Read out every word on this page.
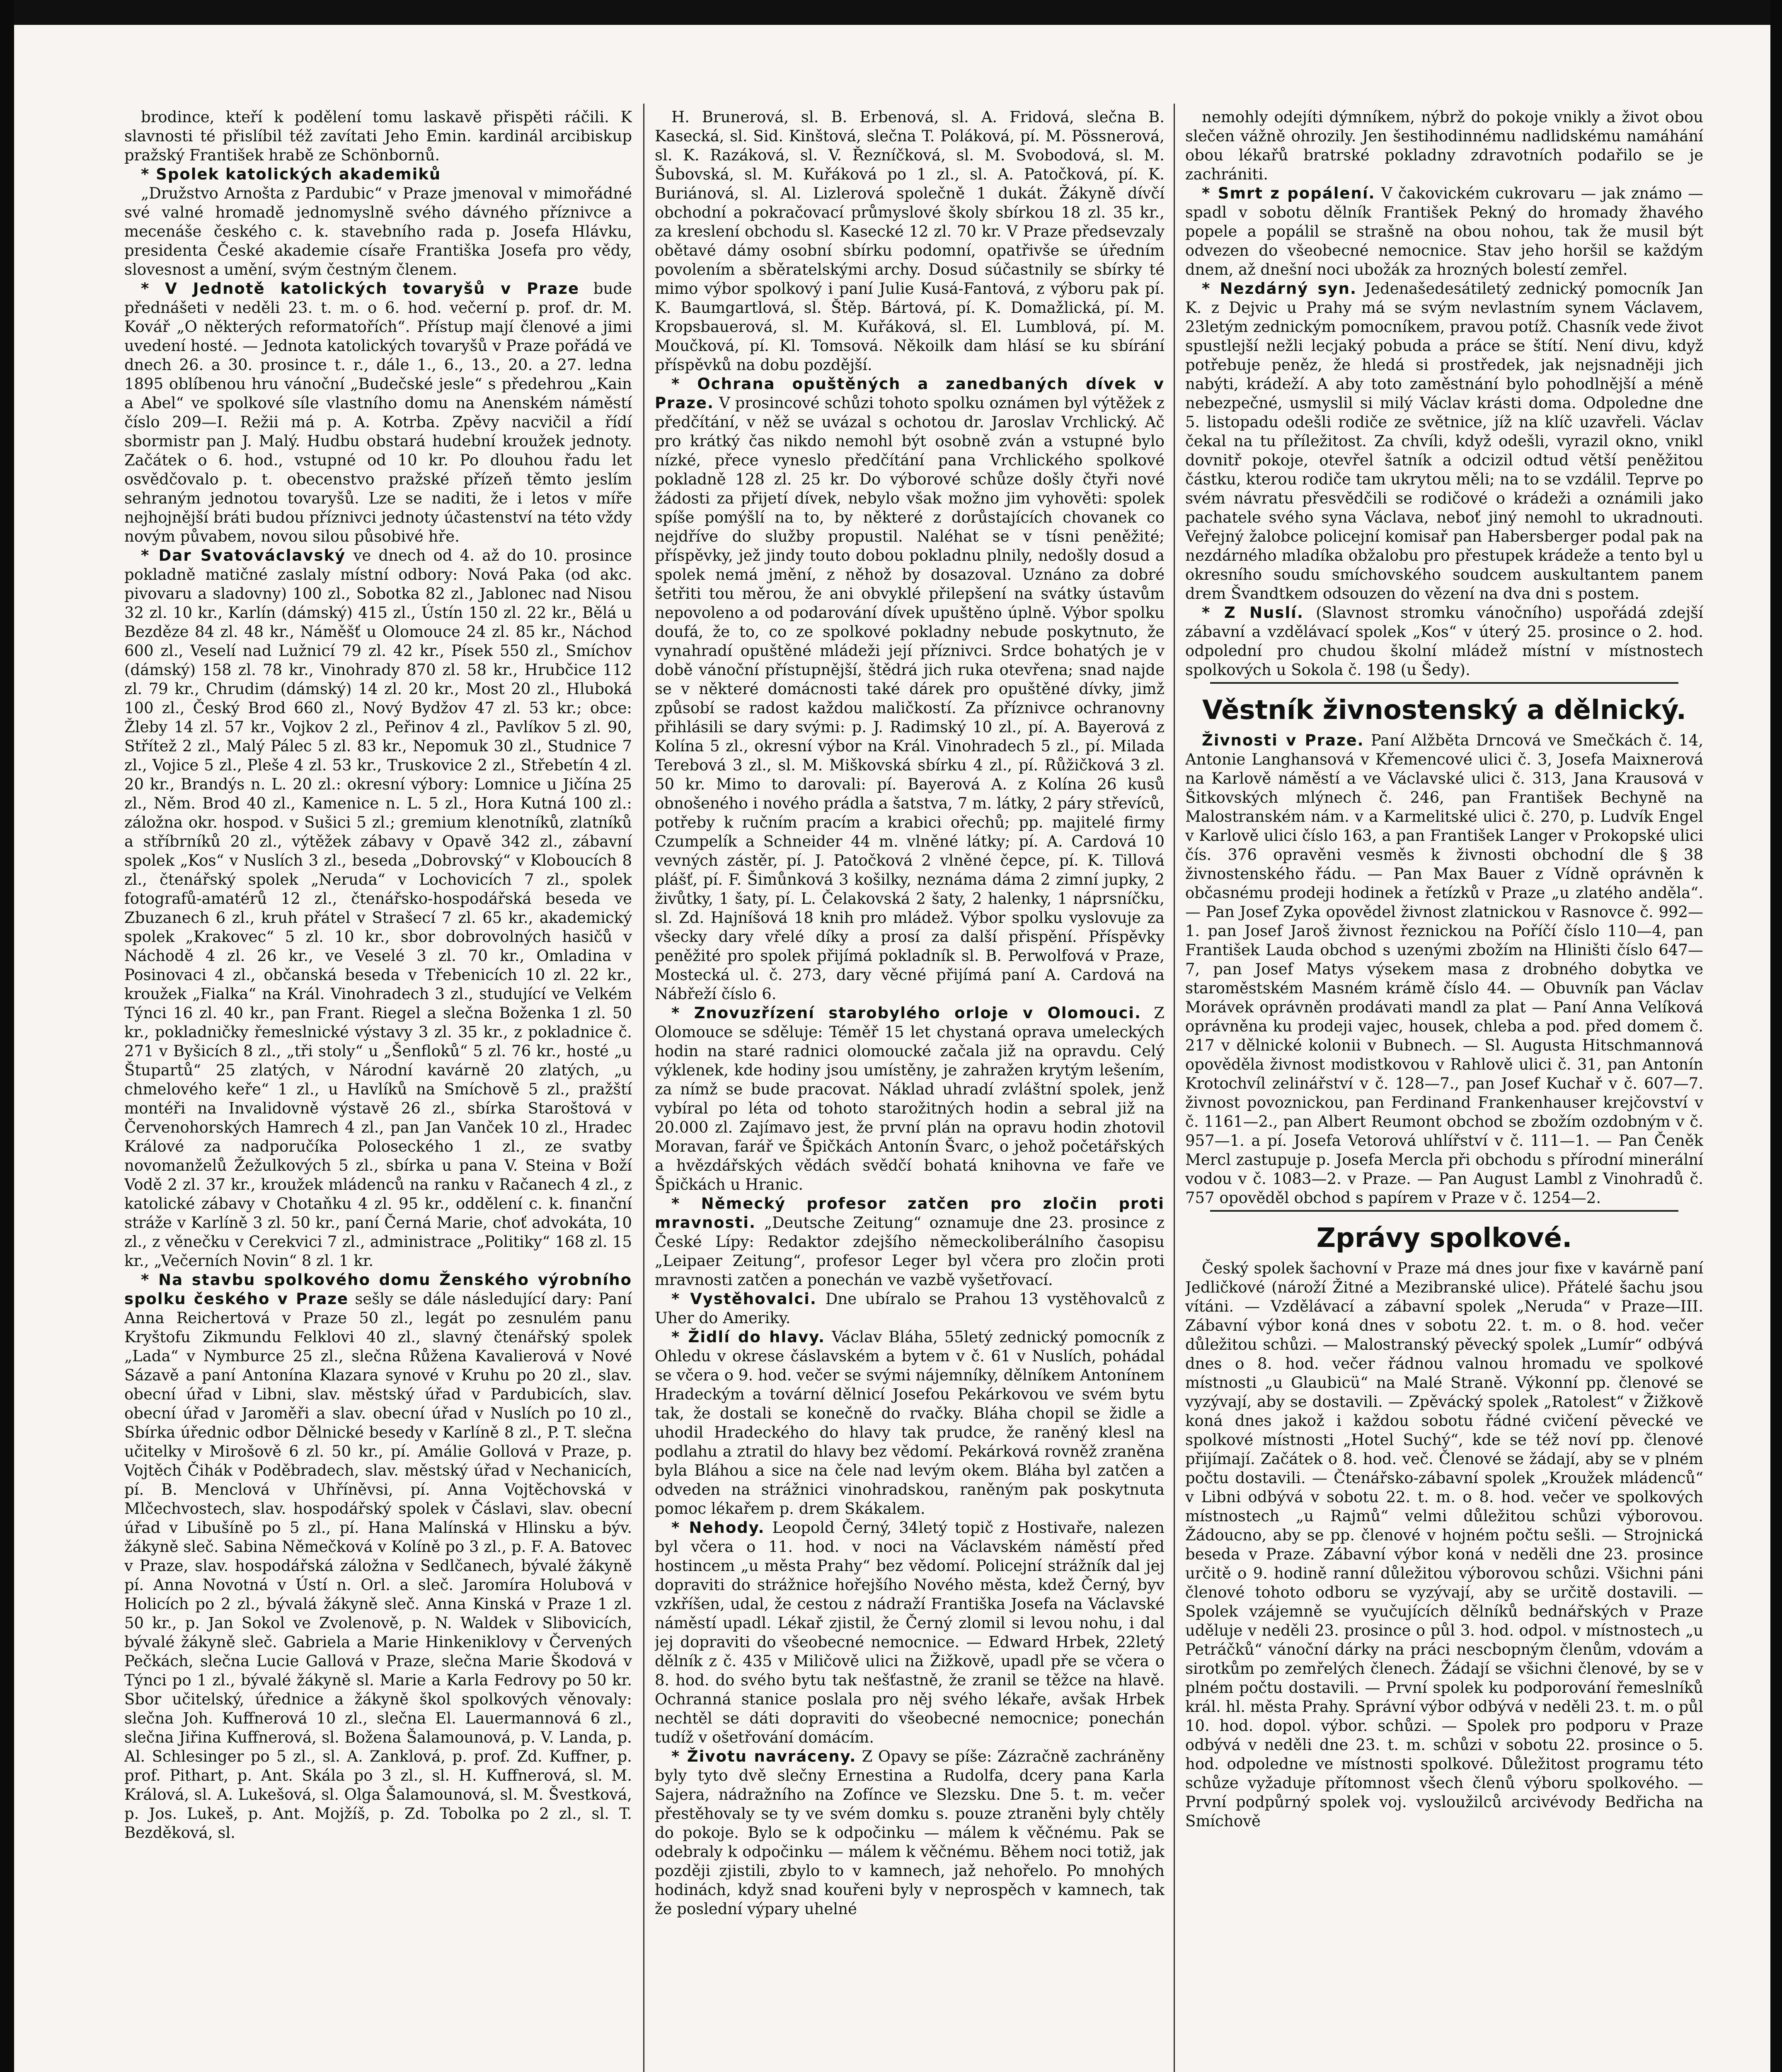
brodince, kteří k podělení tomu laskavě přispěti ráčili. K slavnosti té přislíbil též zavítati Jeho Emin. kardinál arcibiskup pražský František hrabě ze Schönbornů.

* Spolek katolických akademiků

„Družstvo Arnošta z Pardubic“ v Praze jmenoval v mimořádné své valné hromadě jednomyslně svého dávného příznivce a mecenáše českého c. k. stavebního rada p. Josefa Hlávku, presidenta České akademie císaře Františka Josefa pro vědy, slovesnost a umění, svým čestným členem.

* V Jednotě katolických tovaryšů v Praze bude přednášeti v neděli 23. t. m. o 6. hod. večerní p. prof. dr. M. Kovář „O některých reformatořích“. Přístup mají členové a jimi uvedení hosté. — Jednota katolických tovaryšů v Praze pořádá ve dnech 26. a 30. prosince t. r., dále 1., 6., 13., 20. a 27. ledna 1895 oblíbenou hru vánoční „Budečské jesle“ s předehrou „Kain a Abel“ ve spolkové síle vlastního domu na Anenském náměstí číslo 209—I. Režii má p. A. Kotrba. Zpěvy nacvičil a řídí sbormistr pan J. Malý. Hudbu obstará hudební kroužek jednoty. Začátek o 6. hod., vstupné od 10 kr. Po dlouhou řadu let osvědčovalo p. t. obecenstvo pražské přízeň těmto jeslím sehraným jednotou tovaryšů. Lze se naditi, že i letos v míře nejhojnější bráti budou příznivci jednoty účastenství na této vždy novým půvabem, novou silou působivé hře.

* Dar Svatováclavský ve dnech od 4. až do 10. prosince pokladně matičné zaslaly místní odbory: Nová Paka (od akc. pivovaru a sladovny) 100 zl., Sobotka 82 zl., Jablonec nad Nisou 32 zl. 10 kr., Karlín (dámský) 415 zl., Ústín 150 zl. 22 kr., Bělá u Bezděze 84 zl. 48 kr., Náměšť u Olomouce 24 zl. 85 kr., Náchod 600 zl., Veselí nad Lužnicí 79 zl. 42 kr., Písek 550 zl., Smíchov (dámský) 158 zl. 78 kr., Vinohrady 870 zl. 58 kr., Hrubčice 112 zl. 79 kr., Chrudim (dámský) 14 zl. 20 kr., Most 20 zl., Hluboká 100 zl., Český Brod 660 zl., Nový Bydžov 47 zl. 53 kr.; obce: Žleby 14 zl. 57 kr., Vojkov 2 zl., Peřinov 4 zl., Pavlíkov 5 zl. 90, Střítež 2 zl., Malý Pálec 5 zl. 83 kr., Nepomuk 30 zl., Studnice 7 zl., Vojice 5 zl., Pleše 4 zl. 53 kr., Truskovice 2 zl., Střebetín 4 zl. 20 kr., Brandýs n. L. 20 zl.: okresní výbory: Lomnice u Jičína 25 zl., Něm. Brod 40 zl., Kamenice n. L. 5 zl., Hora Kutná 100 zl.: záložna okr. hospod. v Sušici 5 zl.; gremium klenotníků, zlatníků a stříbrníků 20 zl., výtěžek zábavy v Opavě 342 zl., zábavní spolek „Kos“ v Nuslích 3 zl., beseda „Dobrovský“ v Kloboucích 8 zl., čtenářský spolek „Neruda“ v Lochovicích 7 zl., spolek fotografů-amatérů 12 zl., čtenářsko-hospodářská beseda ve Zbuzanech 6 zl., kruh přátel v Strašecí 7 zl. 65 kr., akademický spolek „Krakovec“ 5 zl. 10 kr., sbor dobrovolných hasičů v Náchodě 4 zl. 26 kr., ve Veselé 3 zl. 70 kr., Omladina v Posinovaci 4 zl., občanská beseda v Třebenicích 10 zl. 22 kr., kroužek „Fialka“ na Král. Vinohradech 3 zl., studující ve Velkém Týnci 16 zl. 40 kr., pan Frant. Riegel a slečna Boženka 1 zl. 50 kr., pokladničky řemeslnické výstavy 3 zl. 35 kr., z pokladnice č. 271 v Byšicích 8 zl., „tři stoly“ u „Šenfloků“ 5 zl. 76 kr., hosté „u Štupartů“ 25 zlatých, v Národní kavárně 20 zlatých, „u chmelového keře“ 1 zl., u Havlíků na Smíchově 5 zl., pražští montéři na Invalidovně výstavě 26 zl., sbírka Staroštová v Červenohorských Hamrech 4 zl., pan Jan Vanček 10 zl., Hradec Králové za nadporučíka Poloseckého 1 zl., ze svatby novomanželů Žežulkových 5 zl., sbírka u pana V. Steina v Boží Vodě 2 zl. 37 kr., kroužek mládenců na ranku v Račanech 4 zl., z katolické zábavy v Chotaňku 4 zl. 95 kr., oddělení c. k. finanční stráže v Karlíně 3 zl. 50 kr., paní Černá Marie, choť advokáta, 10 zl., z věnečku v Cerekvici 7 zl., administrace „Politiky“ 168 zl. 15 kr., „Večerních Novin“ 8 zl. 1 kr.

* Na stavbu spolkového domu Ženského výrobního spolku českého v Praze sešly se dále následující dary: Paní Anna Reichertová v Praze 50 zl., legát po zesnulém panu Kryštofu Zikmundu Felklovi 40 zl., slavný čtenářský spolek „Lada“ v Nymburce 25 zl., slečna Růžena Kavalierová v Nové Sázavě a paní Antonína Klazara synové v Kruhu po 20 zl., slav. obecní úřad v Libni, slav. městský úřad v Pardubicích, slav. obecní úřad v Jaroměři a slav. obecní úřad v Nuslích po 10 zl., Sbírka úřednic odbor Dělnické besedy v Karlíně 8 zl., P. T. slečna učitelky v Mirošově 6 zl. 50 kr., pí. Amálie Gollová v Praze, p. Vojtěch Čihák v Poděbradech, slav. městský úřad v Nechanicích, pí. B. Menclová v Uhříněvsi, pí. Anna Vojtěchovská v Mlčechvostech, slav. hospodářský spolek v Čáslavi, slav. obecní úřad v Libušíně po 5 zl., pí. Hana Malínská v Hlinsku a býv. žákyně sleč. Sabina Němečková v Kolíně po 3 zl., p. F. A. Batovec v Praze, slav. hospodářská záložna v Sedlčanech, bývalé žákyně pí. Anna Novotná v Ústí n. Orl. a sleč. Jaromíra Holubová v Holicích po 2 zl., bývalá žákyně sleč. Anna Kinská v Praze 1 zl. 50 kr., p. Jan Sokol ve Zvolenově, p. N. Waldek v Slibovicích, bývalé žákyně sleč. Gabriela a Marie Hinkeniklovy v Červených Pečkách, slečna Lucie Gallová v Praze, slečna Marie Škodová v Týnci po 1 zl., bývalé žákyně sl. Marie a Karla Fedrovy po 50 kr. Sbor učitelský, úřednice a žákyně škol spolkových věnovaly: slečna Joh. Kuffnerová 10 zl., slečna El. Lauermannová 6 zl., slečna Jiřina Kuffnerová, sl. Božena Šalamounová, p. V. Landa, p. Al. Schlesinger po 5 zl., sl. A. Zanklová, p. prof. Zd. Kuffner, p. prof. Pithart, p. Ant. Skála po 3 zl., sl. H. Kuffnerová, sl. M. Králová, sl. A. Lukešová, sl. Olga Šalamounová, sl. M. Švestková, p. Jos. Lukeš, p. Ant. Mojžíš, p. Zd. Tobolka po 2 zl., sl. T. Bezděková, sl.

H. Brunerová, sl. B. Erbenová, sl. A. Fridová, slečna B. Kasecká, sl. Sid. Kinštová, slečna T. Poláková, pí. M. Pössnerová, sl. K. Razáková, sl. V. Řezníčková, sl. M. Svobodová, sl. M. Šubovská, sl. M. Kuřáková po 1 zl., sl. A. Patočková, pí. K. Buriánová, sl. Al. Lizlerová společně 1 dukát. Žákyně dívčí obchodní a pokračovací průmyslové školy sbírkou 18 zl. 35 kr., za kreslení obchodu sl. Kasecké 12 zl. 70 kr. V Praze předsevzaly obětavé dámy osobní sbírku podomní, opatřivše se úředním povolením a sběratelskými archy. Dosud súčastnily se sbírky té mimo výbor spolkový i paní Julie Kusá-Fantová, z výboru pak pí. K. Baumgartlová, sl. Štěp. Bártová, pí. K. Domažlická, pí. M. Kropsbauerová, sl. M. Kuřáková, sl. El. Lumblová, pí. M. Moučková, pí. Kl. Tomsová. Někoilk dam hlásí se ku sbírání příspěvků na dobu pozdější.

* Ochrana opuštěných a zanedbaných dívek v Praze. V prosincové schůzi tohoto spolku oznámen byl výtěžek z předčítání, v něž se uvázal s ochotou dr. Jaroslav Vrchlický. Ač pro krátký čas nikdo nemohl být osobně zván a vstupné bylo nízké, přece vyneslo předčítání pana Vrchlického spolkové pokladně 128 zl. 25 kr. Do výborové schůze došly čtyři nové žádosti za přijetí dívek, nebylo však možno jim vyhověti: spolek spíše pomýšlí na to, by některé z dorůstajících chovanek co nejdříve do služby propustil. Naléhat se v tísni peněžité; příspěvky, jež jindy touto dobou pokladnu plnily, nedošly dosud a spolek nemá jmění, z něhož by dosazoval. Uznáno za dobré šetřiti tou měrou, že ani obvyklé přilepšení na svátky ústavům nepovoleno a od podarování dívek upuštěno úplně. Výbor spolku doufá, že to, co ze spolkové pokladny nebude poskytnuto, že vynahradí opuštěné mládeži její příznivci. Srdce bohatých je v době vánoční přístupnější, štědrá jich ruka otevřena; snad najde se v některé domácnosti také dárek pro opuštěné dívky, jimž způsobí se radost každou maličkostí. Za příznivce ochranovny přihlásili se dary svými: p. J. Radimský 10 zl., pí. A. Bayerová z Kolína 5 zl., okresní výbor na Král. Vinohradech 5 zl., pí. Milada Terebová 3 zl., sl. M. Miškovská sbírku 4 zl., pí. Růžičková 3 zl. 50 kr. Mimo to darovali: pí. Bayerová A. z Kolína 26 kusů obnošeného i nového prádla a šatstva, 7 m. látky, 2 páry střevíců, potřeby k ručním pracím a krabici ořechů; pp. majitelé firmy Czumpelík a Schneider 44 m. vlněné látky; pí. A. Cardová 10 vevných zástěr, pí. J. Patočková 2 vlněné čepce, pí. K. Tillová plášť, pí. F. Šimůnková 3 košilky, neznáma dáma 2 zimní jupky, 2 živůtky, 1 šaty, pí. L. Čelakovská 2 šaty, 2 halenky, 1 náprsníčku, sl. Zd. Hajníšová 18 knih pro mládež. Výbor spolku vyslovuje za všecky dary vřelé díky a prosí za další přispění. Příspěvky peněžité pro spolek přijímá pokladník sl. B. Perwolfová v Praze, Mostecká ul. č. 273, dary věcné přijímá paní A. Cardová na Nábřeží číslo 6.

* Znovuzřízení starobylého orloje v Olomouci. Z Olomouce se sděluje: Téměř 15 let chystaná oprava umeleckých hodin na staré radnici olomoucké začala již na opravdu. Celý výklenek, kde hodiny jsou umístěny, je zahražen krytým lešením, za nímž se bude pracovat. Náklad uhradí zvláštní spolek, jenž vybíral po léta od tohoto starožitných hodin a sebral již na 20.000 zl. Zajímavo jest, že první plán na opravu hodin zhotovil Moravan, farář ve Špičkách Antonín Švarc, o jehož početářských a hvězdářských vědách svědčí bohatá knihovna ve faře ve Špičkách u Hranic.

* Německý profesor zatčen pro zločin proti mravnosti. „Deutsche Zeitung“ oznamuje dne 23. prosince z České Lípy: Redaktor zdejšího německoliberálního časopisu „Leipaer Zeitung“, profesor Leger byl včera pro zločin proti mravnosti zatčen a ponechán ve vazbě vyšetřovací.

* Vystěhovalci. Dne ubíralo se Prahou 13 vystěhovalců z Uher do Ameriky.

* Židlí do hlavy. Václav Bláha, 55letý zednický pomocník z Ohledu v okrese čáslavském a bytem v č. 61 v Nuslích, pohádal se včera o 9. hod. večer se svými nájemníky, dělníkem Antonínem Hradeckým a tovární dělnicí Josefou Pekárkovou ve svém bytu tak, že dostali se konečně do rvačky. Bláha chopil se židle a uhodil Hradeckého do hlavy tak prudce, že raněný klesl na podlahu a ztratil do hlavy bez vědomí. Pekárková rovněž zraněna byla Bláhou a sice na čele nad levým okem. Bláha byl zatčen a odveden na strážnici vinohradskou, raněným pak poskytnuta pomoc lékařem p. drem Skákalem.

* Nehody. Leopold Černý, 34letý topič z Hostivaře, nalezen byl včera o 11. hod. v noci na Václavském náměstí před hostincem „u města Prahy“ bez vědomí. Policejní strážník dal jej dopraviti do strážnice hořejšího Nového města, kdež Černý, byv vzkříšen, udal, že cestou z nádraží Františka Josefa na Václavské náměstí upadl. Lékař zjistil, že Černý zlomil si levou nohu, i dal jej dopraviti do všeobecné nemocnice. — Edward Hrbek, 22letý dělník z č. 435 v Miličově ulici na Žižkově, upadl pře se včera o 8. hod. do svého bytu tak nešťastně, že zranil se těžce na hlavě. Ochranná stanice poslala pro něj svého lékaře, avšak Hrbek nechtěl se dáti dopraviti do všeobecné nemocnice; ponechán tudíž v ošetřování domácím.

* Životu navráceny. Z Opavy se píše: Zázračně zachráněny byly tyto dvě slečny Ernestina a Rudolfa, dcery pana Karla Sajera, nádražního na Zofínce ve Slezsku. Dne 5. t. m. večer přestěhovaly se ty ve svém domku s. pouze ztraněni byly chtěly do pokoje. Bylo se k odpočinku — málem k věčnému. Pak se odebraly k odpočinku — málem k věčnému. Během noci totiž, jak později zjistili, zbylo to v kamnech, jaž nehořelo. Po mnohých hodinách, když snad kouřeni byly v neprospěch v kamnech, tak že poslední výpary uhelné

nemohly odejíti dýmníkem, nýbrž do pokoje vnikly a život obou slečen vážně ohrozily. Jen šestihodinnému nadlidskému namáhání obou lékařů bratrské pokladny zdravotních podařilo se je zachrániti.

* Smrt z popálení. V čakovickém cukrovaru — jak známo — spadl v sobotu dělník František Pekný do hromady žhavého popele a popálil se strašně na obou nohou, tak že musil být odvezen do všeobecné nemocnice. Stav jeho horšil se každým dnem, až dnešní noci ubožák za hrozných bolestí zemřel.

* Nezdárný syn. Jedenašedesátiletý zednický pomocník Jan K. z Dejvic u Prahy má se svým nevlastním synem Václavem, 23letým zednickým pomocníkem, pravou potíž. Chasník vede život spustlejší nežli lecjaký pobuda a práce se štítí. Není divu, když potřebuje peněz, že hledá si prostředek, jak nejsnadněji jich nabýti, krádeží. A aby toto zaměstnání bylo pohodlnější a méně nebezpečné, usmyslil si milý Václav krásti doma. Odpoledne dne 5. listopadu odešli rodiče ze světnice, jíž na klíč uzavřeli. Václav čekal na tu příležitost. Za chvíli, když odešli, vyrazil okno, vnikl dovnitř pokoje, otevřel šatník a odcizil odtud větší peněžitou částku, kterou rodiče tam ukrytou měli; na to se vzdálil. Teprve po svém návratu přesvědčili se rodičové o krádeži a oznámili jako pachatele svého syna Václava, neboť jiný nemohl to ukradnouti. Veřejný žalobce policejní komisař pan Habersberger podal pak na nezdárného mladíka obžalobu pro přestupek krádeže a tento byl u okresního soudu smíchovského soudcem auskultantem panem drem Švandtkem odsouzen do vězení na dva dni s postem.

* Z Nuslí. (Slavnost stromku vánočního) uspořádá zdejší zábavní a vzdělávací spolek „Kos“ v úterý 25. prosince o 2. hod. odpolední pro chudou školní mládež místní v místnostech spolkových u Sokola č. 198 (u Šedy).

Věstník živnostenský a dělnický.

Živnosti v Praze. Paní Alžběta Drncová ve Smečkách č. 14, Antonie Langhansová v Křemencové ulici č. 3, Josefa Maixnerová na Karlově náměstí a ve Václavské ulici č. 313, Jana Krausová v Šitkovských mlýnech č. 246, pan František Bechyně na Malostranském nám. v a Karmelitské ulici č. 270, p. Ludvík Engel v Karlově ulici číslo 163, a pan František Langer v Prokopské ulici čís. 376 opravěni vesměs k živnosti obchodní dle § 38 živnostenského řádu. — Pan Max Bauer z Vídně oprávněn k občasnému prodeji hodinek a řetízků v Praze „u zlatého anděla“. — Pan Josef Zyka opovědel živnost zlatnickou v Rasnovce č. 992—1. pan Josef Jaroš živnost řeznickou na Poříčí číslo 110—4, pan František Lauda obchod s uzenými zbožím na Hliništi číslo 647—7, pan Josef Matys výsekem masa z drobného dobytka ve staroměstském Masném krámě číslo 44. — Obuvník pan Václav Morávek oprávněn prodávati mandl za plat — Paní Anna Velíková oprávněna ku prodeji vajec, housek, chleba a pod. před domem č. 217 v dělnické kolonii v Bubnech. — Sl. Augusta Hitschmannová opověděla živnost modistkovou v Rahlově ulici č. 31, pan Antonín Krotochvíl zelinářství v č. 128—7., pan Josef Kuchař v č. 607—7. živnost povoznickou, pan Ferdinand Frankenhauser krejčovství v č. 1161—2., pan Albert Reumont obchod se zbožím ozdobným v č. 957—1. a pí. Josefa Vetorová uhlířství v č. 111—1. — Pan Čeněk Mercl zastupuje p. Josefa Mercla při obchodu s přírodní minerální vodou v č. 1083—2. v Praze. — Pan August Lambl z Vinohradů č. 757 opověděl obchod s papírem v Praze v č. 1254—2.

Zprávy spolkové.

Český spolek šachovní v Praze má dnes jour fixe v kavárně paní Jedličkové (nároží Žitné a Mezibranské ulice). Přátelé šachu jsou vítáni. — Vzdělávací a zábavní spolek „Neruda“ v Praze—III. Zábavní výbor koná dnes v sobotu 22. t. m. o 8. hod. večer důležitou schůzi. — Malostranský pěvecký spolek „Lumír“ odbývá dnes o 8. hod. večer řádnou valnou hromadu ve spolkové místnosti „u Glaubicü“ na Malé Straně. Výkonní pp. členové se vyzývají, aby se dostavili. — Zpěvácký spolek „Ratolest“ v Žižkově koná dnes jakož i každou sobotu řádné cvičení pěvecké ve spolkové místnosti „Hotel Suchý“, kde se též noví pp. členové přijímají. Začátek o 8. hod. več. Členové se žádají, aby se v plném počtu dostavili. — Čtenářsko-zábavní spolek „Kroužek mládenců“ v Libni odbývá v sobotu 22. t. m. o 8. hod. večer ve spolkových místnostech „u Rajmů“ velmi důležitou schůzi výborovou. Žádoucno, aby se pp. členové v hojném počtu sešli. — Strojnická beseda v Praze. Zábavní výbor koná v neděli dne 23. prosince určitě o 9. hodině ranní důležitou výborovou schůzi. Všichni páni členové tohoto odboru se vyzývají, aby se určitě dostavili. — Spolek vzájemně se vyučujících dělníků bednářských v Praze uděluje v neděli 23. prosince o půl 3. hod. odpol. v místnostech „u Petráčků“ vánoční dárky na práci nescbopným členům, vdovám a sirotkům po zemřelých členech. Žádají se všichni členové, by se v plném počtu dostavili. — První spolek ku podporování řemeslníků král. hl. města Prahy. Správní výbor odbývá v neděli 23. t. m. o půl 10. hod. dopol. výbor. schůzi. — Spolek pro podporu v Praze odbývá v neděli dne 23. t. m. schůzi v sobotu 22. prosince o 5. hod. odpoledne ve místnosti spolkové. Důležitost programu této schůze vyžaduje přítomnost všech členů výboru spolkového. — První podpůrný spolek voj. vysloužilců arcivévody Bedřicha na Smíchově
